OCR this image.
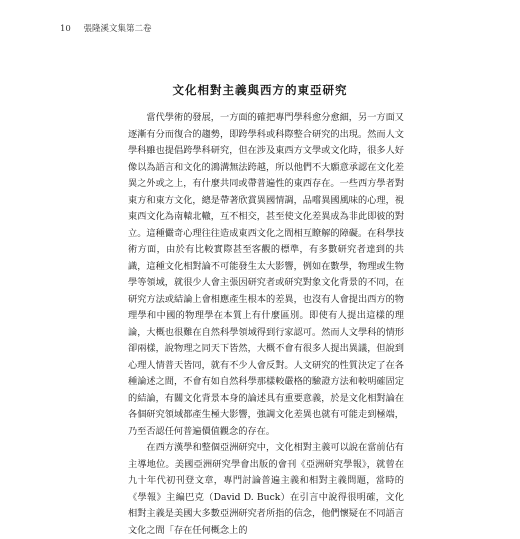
10 張隆溪文集第二卷
文化相對主義與西方的東亞研究

當代學術的發展，一方面的確把專門學科愈分愈細，另一方面又逐漸有分而復合的趨勢，即跨學科或科際整合研究的出現。然而人文學科雖也提倡跨學科研究，但在涉及東西方文學或文化時，很多人好像以為語言和文化的鴻溝無法跨越，所以他們不大願意承認在文化差異之外或之上，有什麼共同或帶普遍性的東西存在。一些西方學者對東方和東方文化，總是帶著欣賞異國情調，品嚐異國風味的心理，視東西文化為南轅北轍，互不相交，甚至使文化差異成為非此即彼的對立。這種儼奇心理往往造成東西文化之間相互瞭解的障礙。在科學技術方面，由於有比較實際甚至客觀的標準，有多數研究者達到的共識，這種文化相對論不可能發生太大影響，例如在數學，物理或生物學等領域，就很少人會主張因研究者或研究對象文化背景的不同，在研究方法或結論上會相應產生根本的差異，也沒有人會提出西方的物理學和中國的物理學在本質上有什麼區別。即使有人提出這樣的理論，大概也很難在自然科學領域得到行家認可。然而人文學科的情形卻兩樣，說物理之同天下皆然，大概不會有很多人提出異議，但說到心理人情普天皆同，就有不少人會反對。人文研究的性質決定了在各種論述之間，不會有如自然科學那樣較嚴格的驗證方法和較明確固定的結論，有關文化背景本身的論述具有重要意義，於是文化相對論在各個研究領域都產生極大影響，強調文化差異也就有可能走到極端，乃至否認任何普遍價值觀念的存在。

在西方漢學和整個亞洲研究中，文化相對主義可以說在當前佔有主導地位。美國亞洲研究學會出版的會刊《亞洲研究學報》，就曾在九十年代初刊登文章，專門討論普遍主義和相對主義問題，當時的《學報》主編巴克（David D. Buck）在引言中說得很明確，文化相對主義是美國大多數亞洲研究者所指的信念，他們懷疑在不同語言文化之間「存在任何概念上的
